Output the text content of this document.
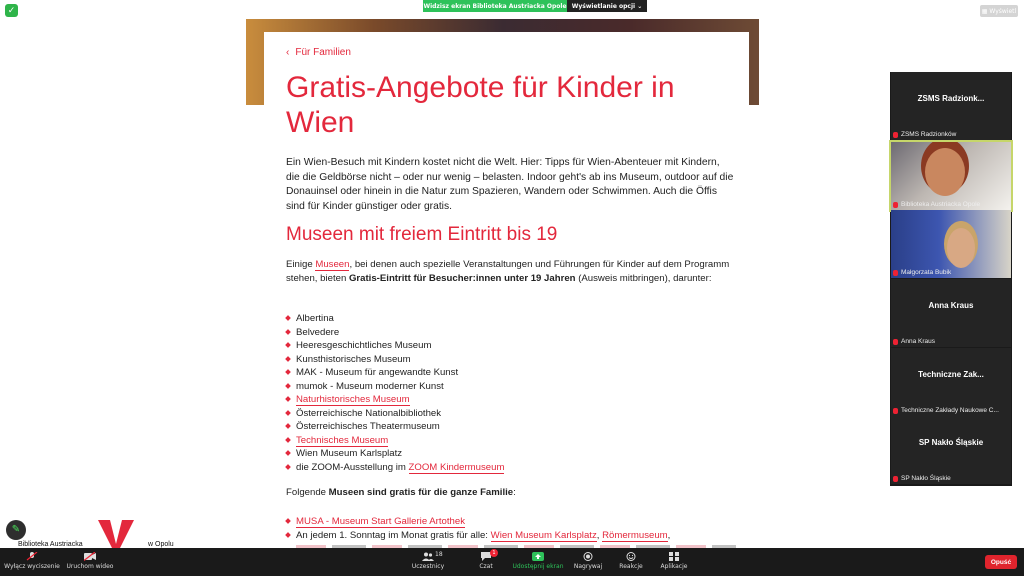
✓	Widzisz ekran Biblioteka Austriacka Opole Wyświetlanie opcji
⌄
▦
Wyświetl
‹ Für Familien
Gratis-Angebote für Kinder in Wien
Ein Wien-Besuch mit Kindern kostet nicht die Welt. Hier: Tipps für Wien-Abenteuer mit Kindern, die die Geldbörse nicht – oder nur wenig – belasten. Indoor geht's ab ins Museum, outdoor auf die Donauinsel oder hinein in die Natur zum Spazieren, Wandern oder Schwimmen. Auch die Öffis sind für Kinder günstiger oder gratis.
Museen mit freiem Eintritt bis 19
Einige Museen, bei denen auch spezielle Veranstaltungen und Führungen für Kinder auf dem Programm stehen, bieten Gratis-Eintritt für Besucher:innen unter 19 Jahren (Ausweis mitbringen), darunter:
Albertina
Belvedere
Heeresgeschichtliches Museum
Kunsthistorisches Museum
MAK - Museum für angewandte Kunst
mumok - Museum moderner Kunst
Naturhistorisches Museum
Österreichische Nationalbibliothek
Österreichisches Theatermuseum
Technisches Museum
Wien Museum Karlsplatz
die ZOOM-Ausstellung im ZOOM Kindermuseum
Folgende Museen sind gratis für die ganze Familie:
MUSA - Museum Start Gallerie Artothek
An jedem 1. Sonntag im Monat gratis für alle: Wien Museum Karlsplatz, Römermuseum,
ZSMS Radzionk...
ZSMS Radzionków
Biblioteka Austriacka Opole
Małgorzata Bubik
Anna Kraus
Anna Kraus
Techniczne Zak...
Techniczne Zakłady Naukowe C...
SP Nakło Śląskie
SP Nakło Śląskie
✎
Biblioteka Austriacka	w Opolu
Wyłącz wyciszenie	Uruchom wideo
18
Uczestnicy
1
Czat	Udostępnij ekran	Nagrywaj	Reakcje	Aplikacje
Opuść
